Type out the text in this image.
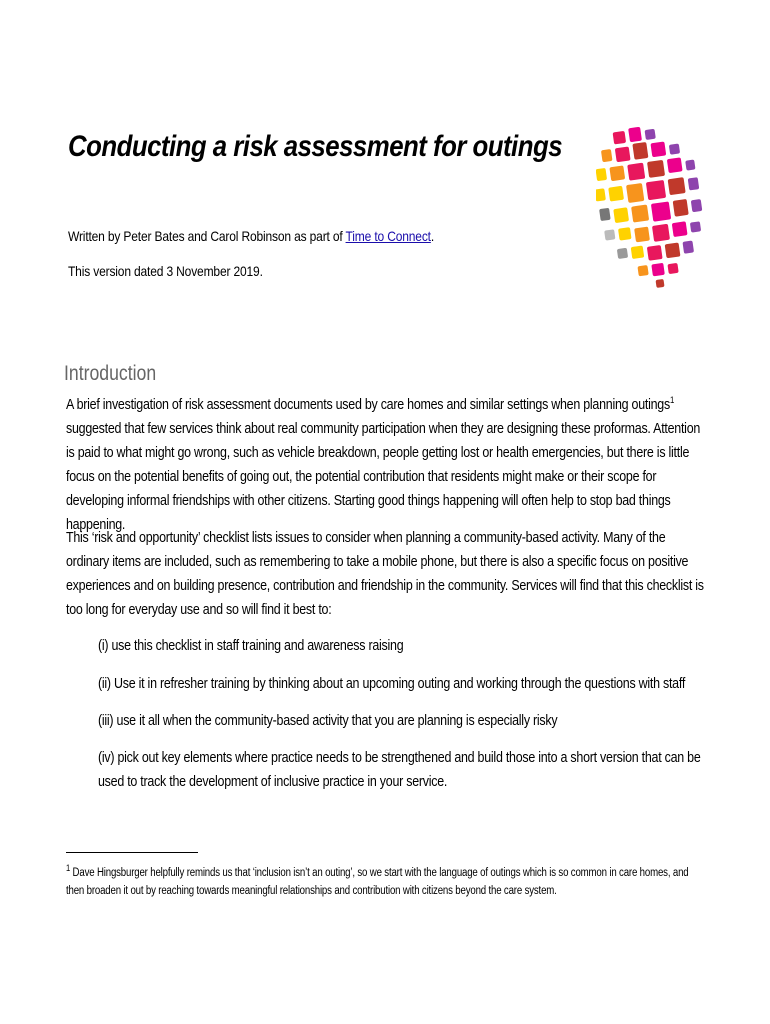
Conducting a risk assessment for outings

Written by Peter Bates and Carol Robinson as part of Time to Connect.

This version dated 3 November 2019.

Introduction

A brief investigation of risk assessment documents used by care homes and similar settings when planning outings$^1$ suggested that few services think about real community participation when they are designing these proformas. Attention is paid to what might go wrong, such as vehicle breakdown, people getting lost or health emergencies, but there is little focus on the potential benefits of going out, the potential contribution that residents might make or their scope for developing informal friendships with other citizens. Starting good things happening will often help to stop bad things happening.

This ‘risk and opportunity’ checklist lists issues to consider when planning a community-based activity. Many of the ordinary items are included, such as remembering to take a mobile phone, but there is also a specific focus on positive experiences and on building presence, contribution and friendship in the community. Services will find that this checklist is too long for everyday use and so will find it best to:

(i) use this checklist in staff training and awareness raising

(ii) Use it in refresher training by thinking about an upcoming outing and working through the questions with staff

(iii) use it all when the community-based activity that you are planning is especially risky

(iv) pick out key elements where practice needs to be strengthened and build those into a short version that can be used to track the development of inclusive practice in your service.

$^1$ Dave Hingsburger helpfully reminds us that ‘inclusion isn’t an outing’, so we start with the language of outings which is so common in care homes, and then broaden it out by reaching towards meaningful relationships and contribution with citizens beyond the care system.
